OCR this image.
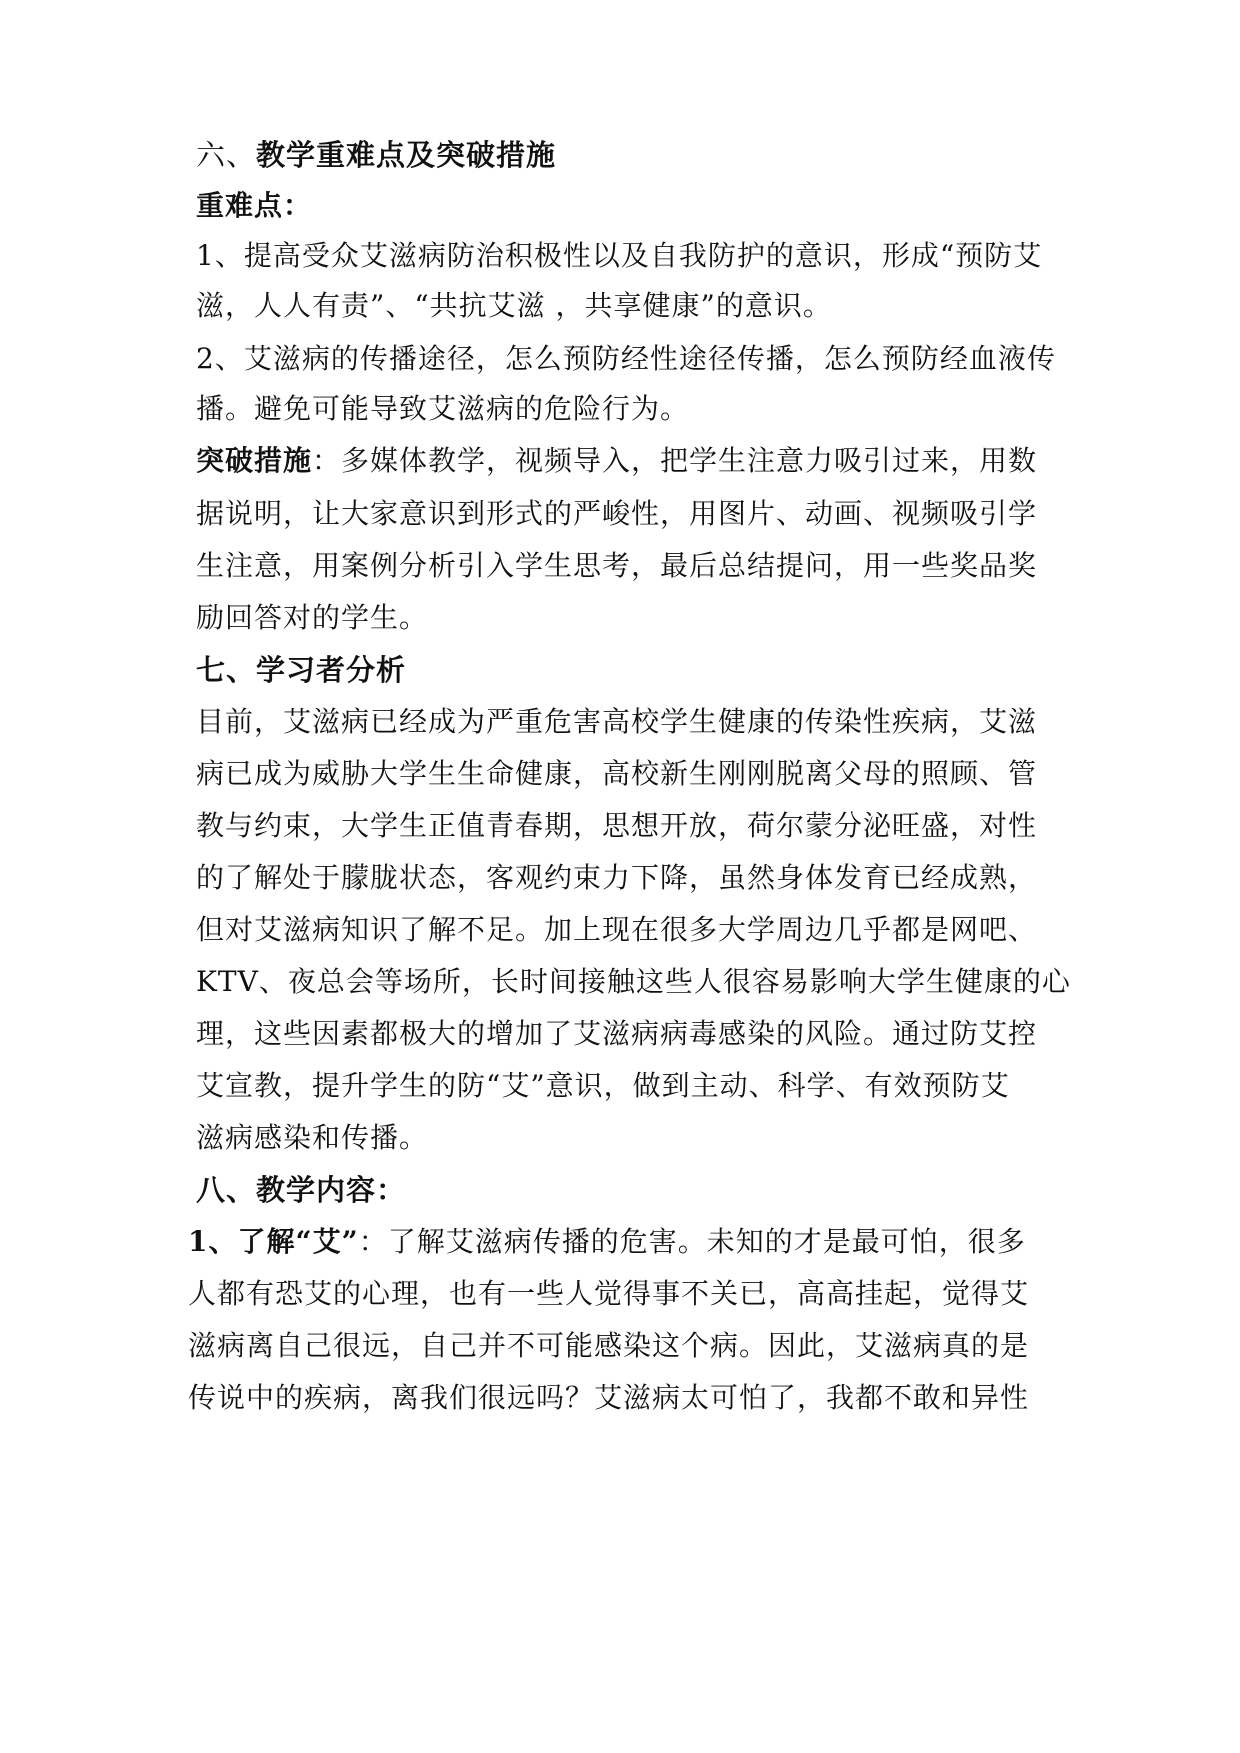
六、教学重难点及突破措施
重难点：
1、提高受众艾滋病防治积极性以及自我防护的意识，形成“预防艾
滋，人人有责”、“共抗艾滋 ，共享健康”的意识。
2、艾滋病的传播途径，怎么预防经性途径传播，怎么预防经血液传
播。避免可能导致艾滋病的危险行为。
突破措施：多媒体教学，视频导入，把学生注意力吸引过来，用数
据说明，让大家意识到形式的严峻性，用图片、动画、视频吸引学
生注意，用案例分析引入学生思考，最后总结提问，用一些奖品奖
励回答对的学生。
七、学习者分析
目前，艾滋病已经成为严重危害高校学生健康的传染性疾病，艾滋
病已成为威胁大学生生命健康，高校新生刚刚脱离父母的照顾、管
教与约束，大学生正值青春期，思想开放，荷尔蒙分泌旺盛，对性
的了解处于朦胧状态，客观约束力下降，虽然身体发育已经成熟，
但对艾滋病知识了解不足。加上现在很多大学周边几乎都是网吧、
KTV、夜总会等场所，长时间接触这些人很容易影响大学生健康的心
理，这些因素都极大的增加了艾滋病病毒感染的风险。通过防艾控
艾宣教，提升学生的防“艾”意识，做到主动、科学、有效预防艾
滋病感染和传播。
八、教学内容：
1、了解“艾”：了解艾滋病传播的危害。未知的才是最可怕，很多
人都有恐艾的心理，也有一些人觉得事不关已，高高挂起，觉得艾
滋病离自己很远，自己并不可能感染这个病。因此，艾滋病真的是
传说中的疾病，离我们很远吗？艾滋病太可怕了，我都不敢和异性
